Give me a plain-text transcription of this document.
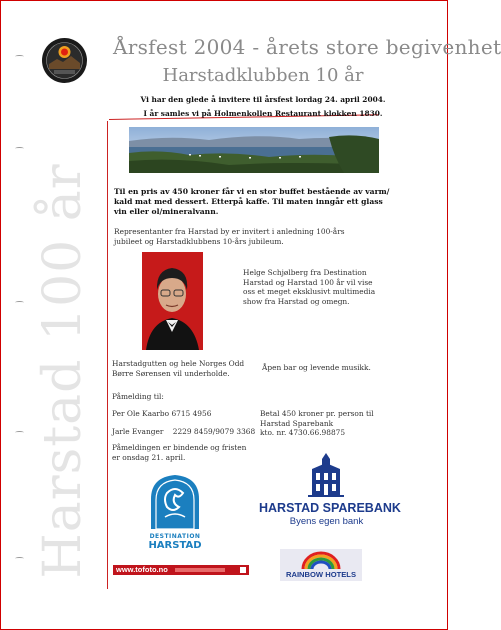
Harstad 100 år
Årsfest 2004 - årets store begivenhet
Harstadklubben 10 år
Vi har den glede å invitere til årsfest lordag 24. april 2004.
I år samles vi på Holmenkollen Restaurant klokken 1830.
Til en pris av 450 kroner får vi en stor buffet bestående av varm/
kald mat med dessert. Etterpå kaffe. Til maten inngår ett glass
vin eller ol/mineralvann.
Representanter fra Harstad by er invitert i anledning 100-års
jubileet og Harstadklubbens 10-års jubileum.
Helge Schjølberg fra Destination
Harstad og Harstad 100 år vil vise
oss et meget eksklusivt multimedia
show fra Harstad og omegn.
Harstadgutten og hele Norges Odd
Børre Sørensen vil underholde.
Åpen bar og levende musikk.
Påmelding til:
Per Ole Kaarbo 6715 4956
Jarle Evanger    2229 8459/9079 3368
Påmeldingen er bindende og fristen
er onsdag 21. april.
Betal 450 kroner pr. person til
Harstad Sparebank
kto. nr. 4730.66.98875
DESTINATION
HARSTAD
HARSTAD SPAREBANK
Byens egen bank
www.tofoto.no
RAINBOW HOTELS
